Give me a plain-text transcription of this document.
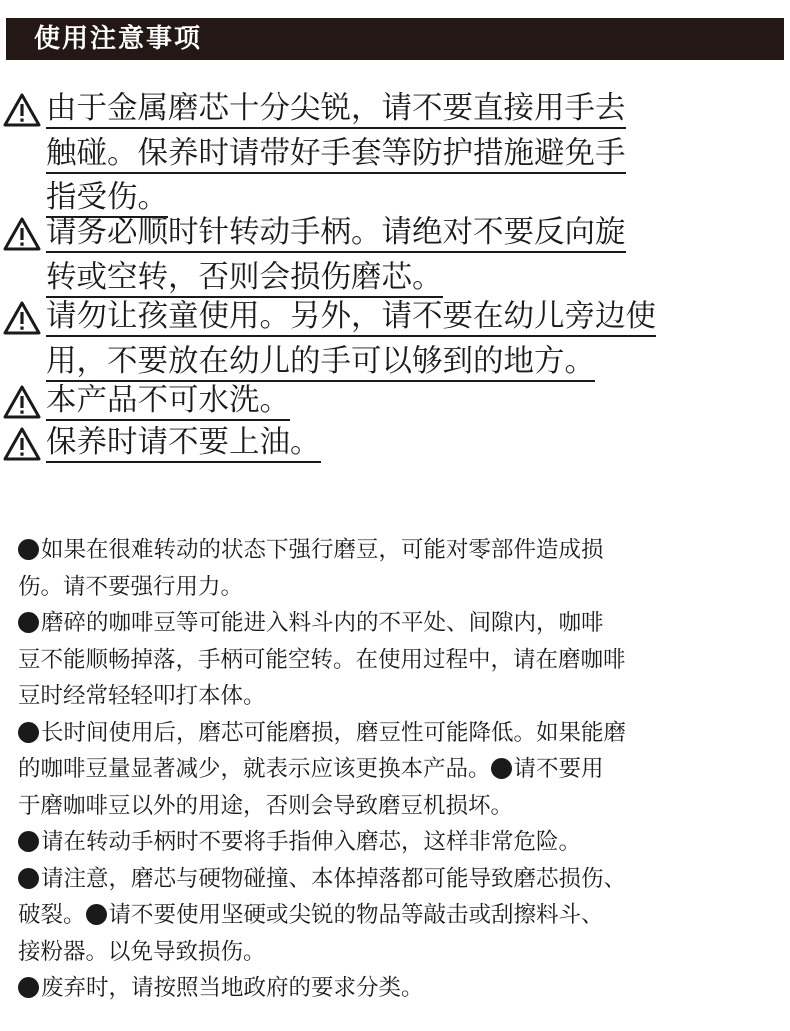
使用注意事项

由于金属磨芯十分尖锐，请不要直接用手去
触碰。保养时请带好手套等防护措施避免手
指受伤。

请务必顺时针转动手柄。请绝对不要反向旋
转或空转，否则会损伤磨芯。

请勿让孩童使用。另外，请不要在幼儿旁边使
用，不要放在幼儿的手可以够到的地方。

本产品不可水洗。

保养时请不要上油。

如果在很难转动的状态下强行磨豆，可能对零部件造成损
伤。请不要强行用力。
磨碎的咖啡豆等可能进入料斗内的不平处、间隙内，咖啡
豆不能顺畅掉落，手柄可能空转。在使用过程中，请在磨咖啡
豆时经常轻轻叩打本体。
长时间使用后，磨芯可能磨损，磨豆性可能降低。如果能磨
的咖啡豆量显著减少，就表示应该更换本产品。 请不要用
于磨咖啡豆以外的用途，否则会导致磨豆机损坏。
请在转动手柄时不要将手指伸入磨芯，这样非常危险。
请注意，磨芯与硬物碰撞、本体掉落都可能导致磨芯损伤、
破裂。 请不要使用坚硬或尖锐的物品等敲击或刮擦料斗、
接粉器。以免导致损伤。
废弃时，请按照当地政府的要求分类。
